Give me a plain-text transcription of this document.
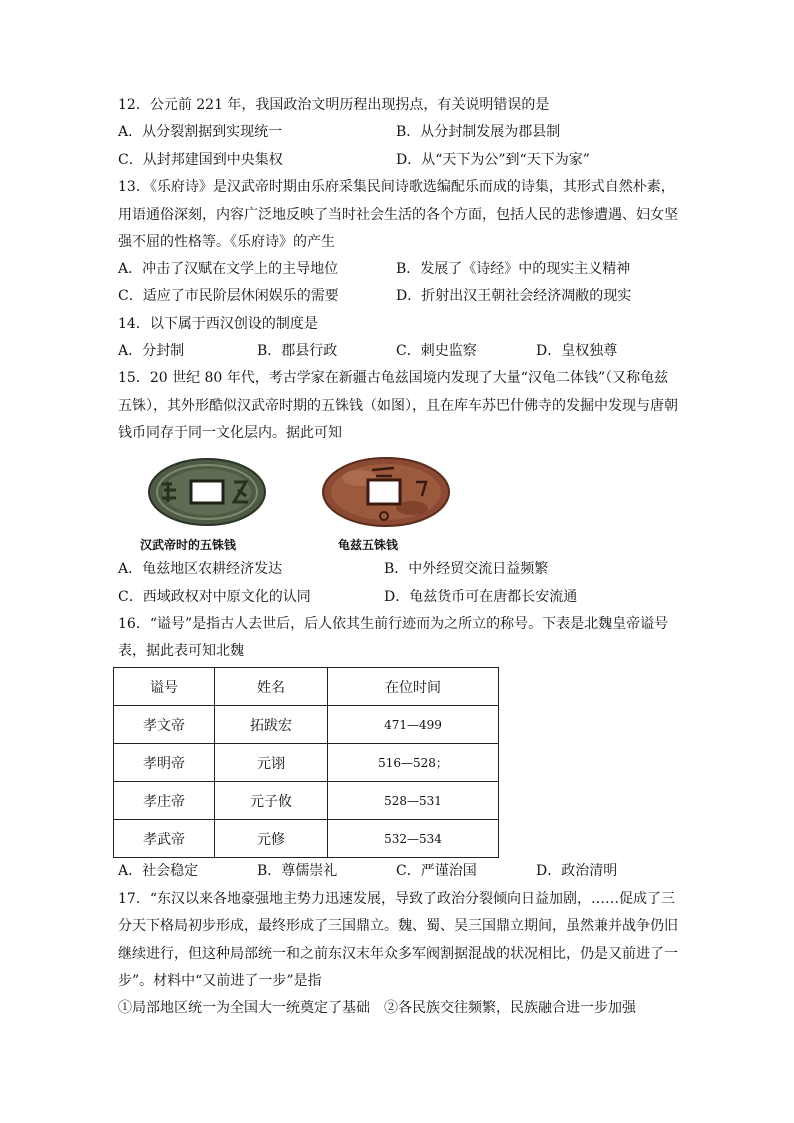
12．公元前 221 年，我国政治文明历程出现拐点，有关说明错误的是
A．从分裂割据到实现统一	B．从分封制发展为郡县制
C．从封邦建国到中央集权	D．从“天下为公”到“天下为家”
13．《乐府诗》是汉武帝时期由乐府采集民间诗歌选编配乐而成的诗集，其形式自然朴素，
用语通俗深刻，内容广泛地反映了当时社会生活的各个方面，包括人民的悲惨遭遇、妇女坚
强不屈的性格等。《乐府诗》的产生
A．冲击了汉赋在文学上的主导地位	B．发展了《诗经》中的现实主义精神
C．适应了市民阶层休闲娱乐的需要	D．折射出汉王朝社会经济凋敝的现实
14．以下属于西汉创设的制度是
A．分封制	B．郡县行政	C．刺史监察	D．皇权独尊
15．20 世纪 80 年代，考古学家在新疆古龟兹国境内发现了大量“汉龟二体钱”（又称龟兹
五铢），其外形酷似汉武帝时期的五铢钱（如图），且在库车苏巴什佛寺的发掘中发现与唐朝
钱币同存于同一文化层内。据此可知
汉武帝时的五铢钱	龟兹五铢钱
A．龟兹地区农耕经济发达	B．中外经贸交流日益频繁
C．西域政权对中原文化的认同	D．龟兹货币可在唐都长安流通
16．“谥号”是指古人去世后，后人依其生前行迹而为之所立的称号。下表是北魏皇帝谥号
表，据此表可知北魏
谥号	姓名	在位时间
孝文帝	拓跋宏	471—499
孝明帝	元诩	516—528；
孝庄帝	元子攸	528—531
孝武帝	元修	532—534
A．社会稳定	B．尊儒崇礼	C．严谨治国	D．政治清明
17．“东汉以来各地豪强地主势力迅速发展，导致了政治分裂倾向日益加剧，……促成了三
分天下格局初步形成，最终形成了三国鼎立。魏、蜀、吴三国鼎立期间，虽然兼并战争仍旧
继续进行，但这种局部统一和之前东汉末年众多军阀割据混战的状况相比，仍是又前进了一
步”。材料中“又前进了一步”是指
①局部地区统一为全国大一统奠定了基础　②各民族交往频繁，民族融合进一步加强
